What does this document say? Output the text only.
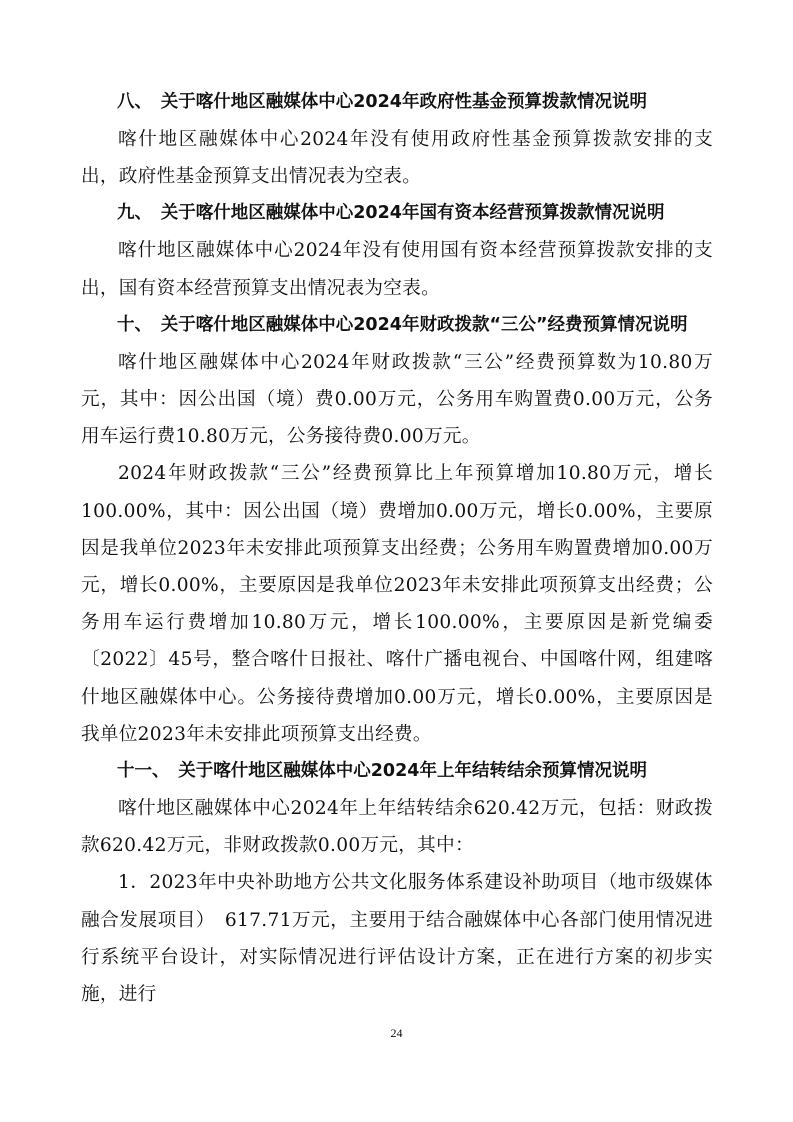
八、　关于喀什地区融媒体中心2024年政府性基金预算拨款情况说明

喀什地区融媒体中心2024年没有使用政府性基金预算拨款安排的支出，政府性基金预算支出情况表为空表。

九、　关于喀什地区融媒体中心2024年国有资本经营预算拨款情况说明

喀什地区融媒体中心2024年没有使用国有资本经营预算拨款安排的支出，国有资本经营预算支出情况表为空表。

十、　关于喀什地区融媒体中心2024年财政拨款“三公”经费预算情况说明

喀什地区融媒体中心2024年财政拨款“三公”经费预算数为10.80万元，其中：因公出国（境）费0.00万元，公务用车购置费0.00万元，公务用车运行费10.80万元，公务接待费0.00万元。

2024年财政拨款“三公”经费预算比上年预算增加10.80万元，增长100.00%，其中：因公出国（境）费增加0.00万元，增长0.00%，主要原因是我单位2023年未安排此项预算支出经费；公务用车购置费增加0.00万元，增长0.00%，主要原因是我单位2023年未安排此项预算支出经费；公务用车运行费增加10.80万元，增长100.00%，主要原因是新党编委〔2022〕45号，整合喀什日报社、喀什广播电视台、中国喀什网，组建喀什地区融媒体中心。公务接待费增加0.00万元，增长0.00%，主要原因是我单位2023年未安排此项预算支出经费。

十一、　关于喀什地区融媒体中心2024年上年结转结余预算情况说明

喀什地区融媒体中心2024年上年结转结余620.42万元，包括：财政拨款620.42万元，非财政拨款0.00万元，其中：

1．2023年中央补助地方公共文化服务体系建设补助项目（地市级媒体融合发展项目）　617.71万元，主要用于结合融媒体中心各部门使用情况进行系统平台设计，对实际情况进行评估设计方案，正在进行方案的初步实施，进行

24
